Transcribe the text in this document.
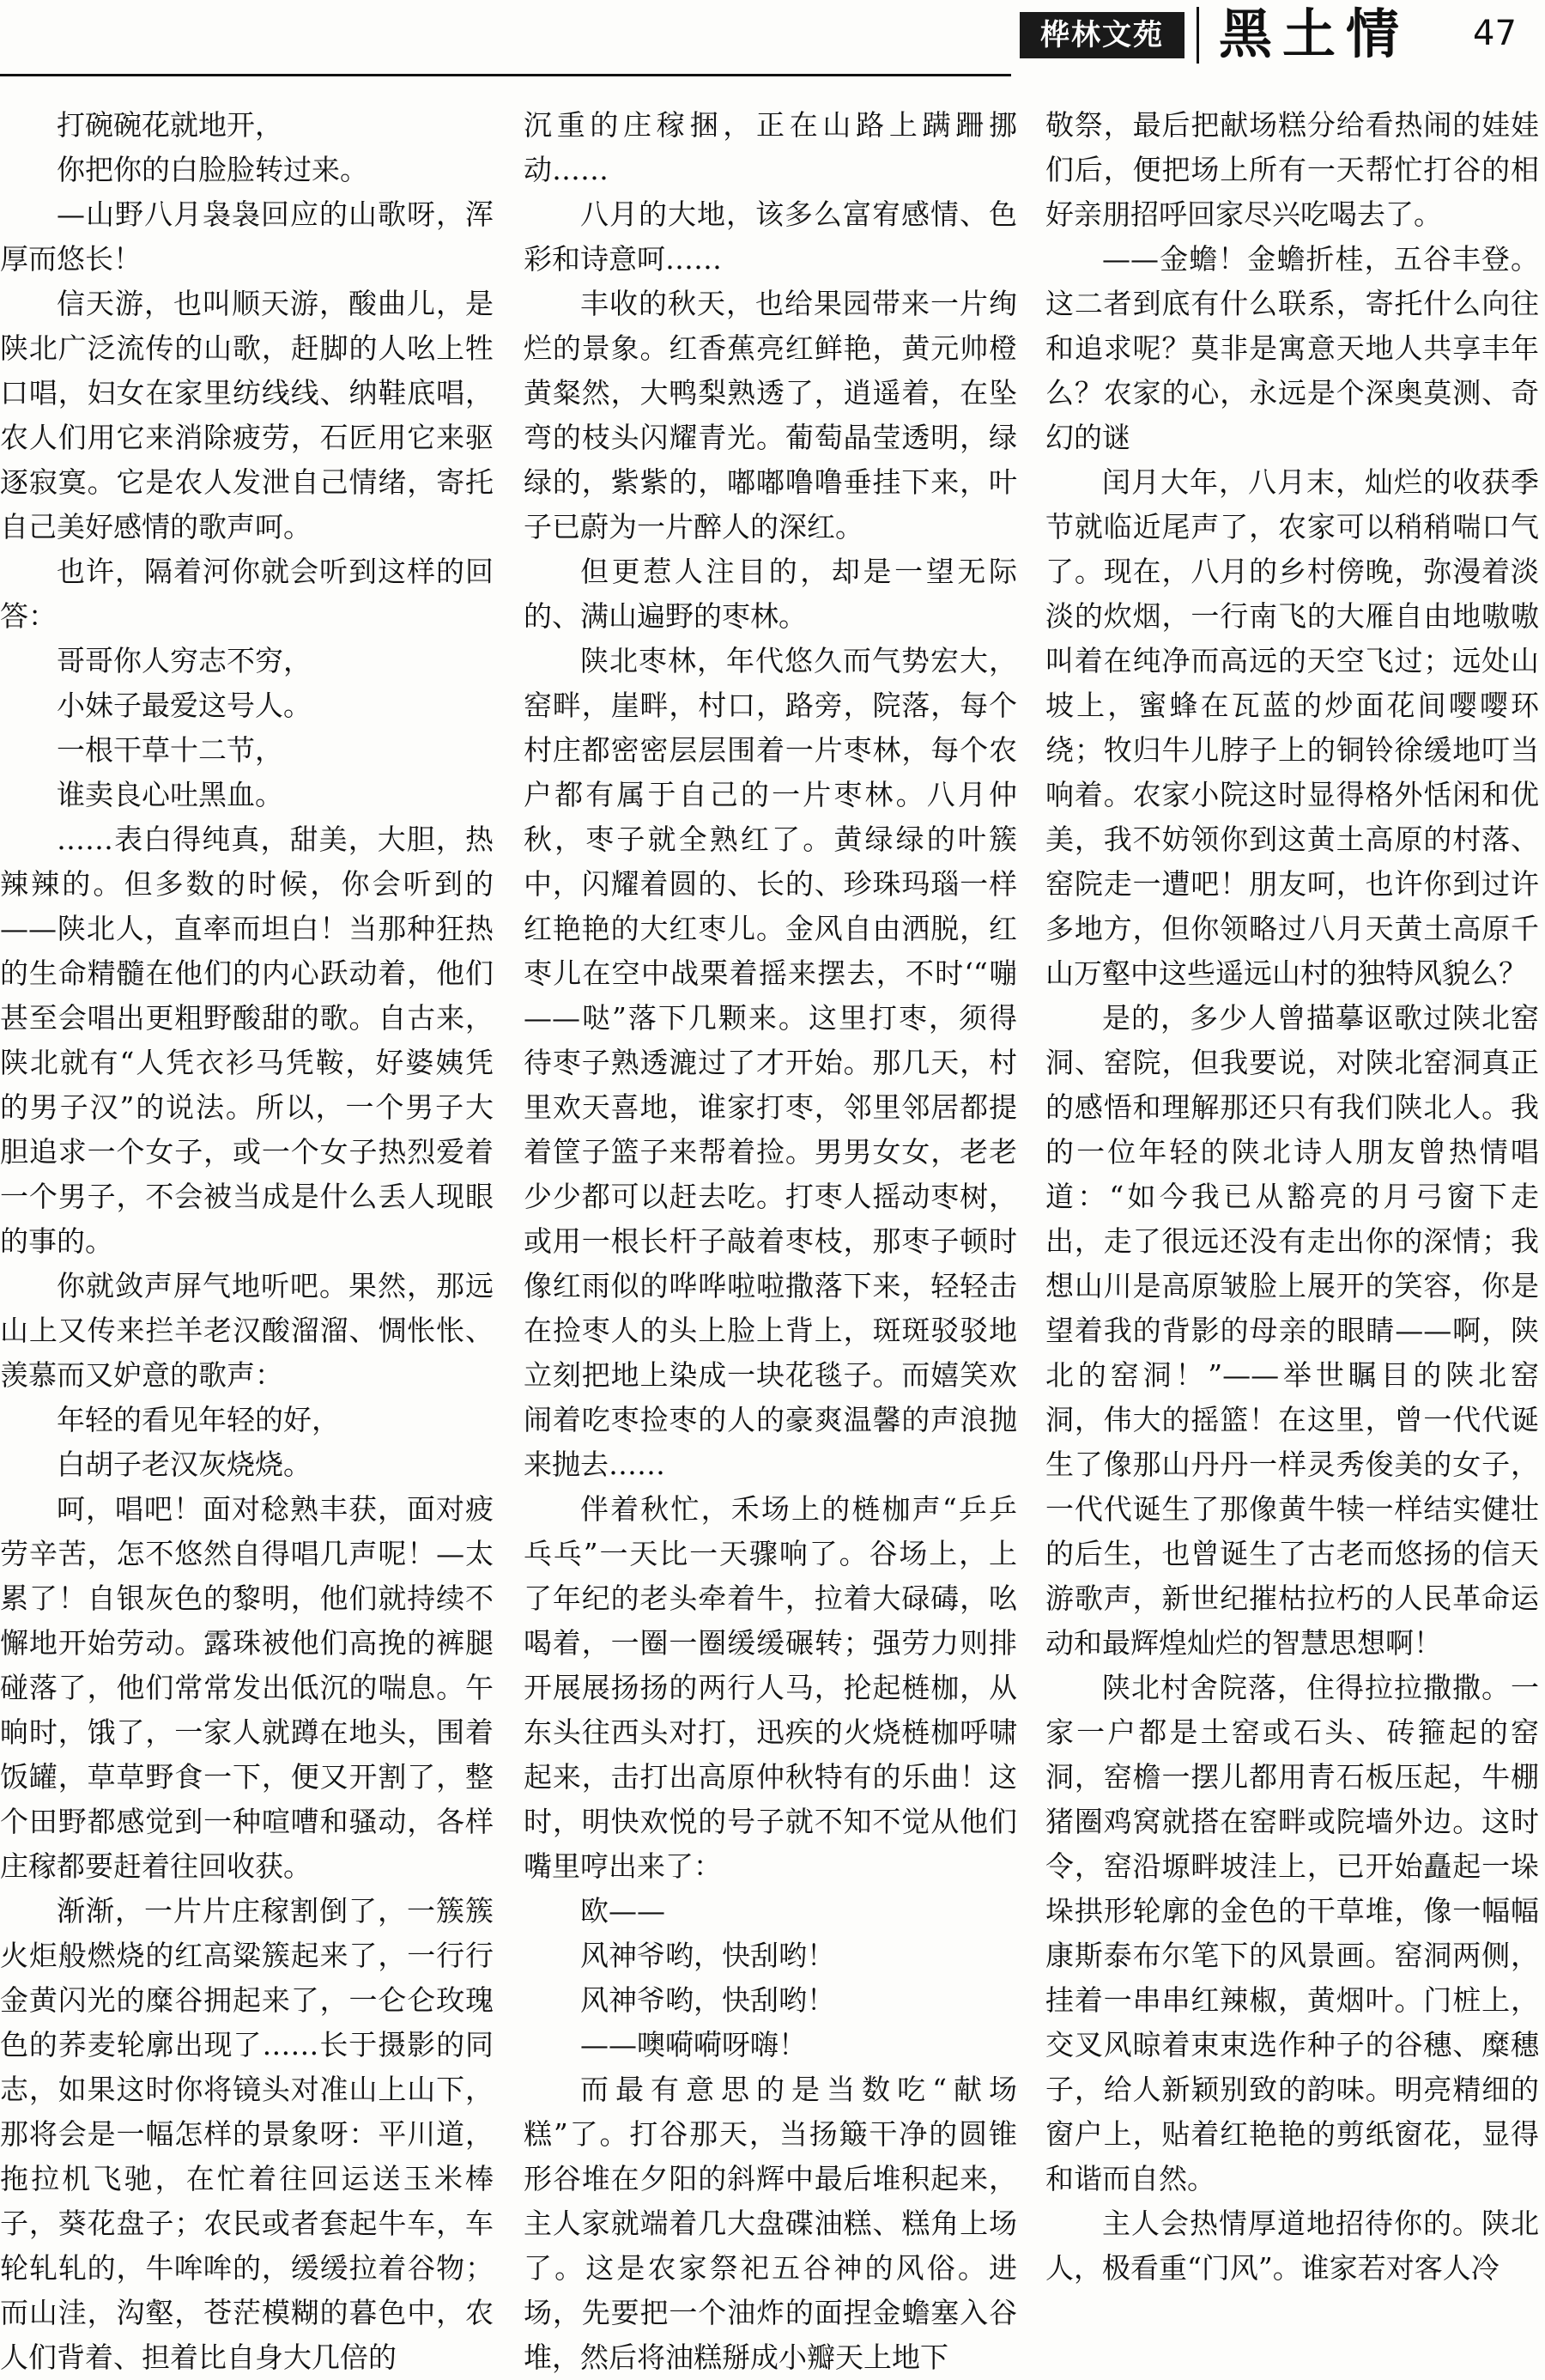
桦林文苑	黑土情 47

打碗碗花就地开，

你把你的白脸脸转过来。

—山野八月袅袅回应的山歌呀，浑厚而悠长！

信天游，也叫顺天游，酸曲儿，是陕北广泛流传的山歌，赶脚的人吆上牲口唱，妇女在家里纺线线、纳鞋底唱，农人们用它来消除疲劳，石匠用它来驱逐寂寞。它是农人发泄自己情绪，寄托自己美好感情的歌声呵。

也许，隔着河你就会听到这样的回答：

哥哥你人穷志不穷，

小妹子最爱这号人。

一根干草十二节，

谁卖良心吐黑血。

……表白得纯真，甜美，大胆，热辣辣的。但多数的时候，你会听到的——陕北人，直率而坦白！当那种狂热的生命精髓在他们的内心跃动着，他们甚至会唱出更粗野酸甜的歌。自古来，陕北就有“人凭衣衫马凭鞍，好婆姨凭的男子汉”的说法。所以，一个男子大胆追求一个女子，或一个女子热烈爱着一个男子，不会被当成是什么丢人现眼的事的。

你就敛声屏气地听吧。果然，那远山上又传来拦羊老汉酸溜溜、惆怅怅、羡慕而又妒意的歌声：

年轻的看见年轻的好，

白胡子老汉灰烧烧。

呵，唱吧！面对稔熟丰获，面对疲劳辛苦，怎不悠然自得唱几声呢！—太累了！自银灰色的黎明，他们就持续不懈地开始劳动。露珠被他们高挽的裤腿碰落了，他们常常发出低沉的喘息。午晌时，饿了，一家人就蹲在地头，围着饭罐，草草野食一下，便又开割了，整个田野都感觉到一种喧嘈和骚动，各样庄稼都要赶着往回收获。

渐渐，一片片庄稼割倒了，一簇簇火炬般燃烧的红高粱簇起来了，一行行金黄闪光的糜谷拥起来了，一仑仑玫瑰色的荞麦轮廓出现了……长于摄影的同志，如果这时你将镜头对准山上山下，那将会是一幅怎样的景象呀：平川道，拖拉机飞驰，在忙着往回运送玉米棒子，葵花盘子；农民或者套起牛车，车轮轧轧的，牛哞哞的，缓缓拉着谷物；而山洼，沟壑，苍茫模糊的暮色中，农人们背着、担着比自身大几倍的

沉重的庄稼捆，正在山路上蹒跚挪动……

八月的大地，该多么富宥感情、色彩和诗意呵……

丰收的秋天，也给果园带来一片绚烂的景象。红香蕉亮红鲜艳，黄元帅橙黄粲然，大鸭梨熟透了，逍遥着，在坠弯的枝头闪耀青光。葡萄晶莹透明，绿绿的，紫紫的，嘟嘟噜噜垂挂下来，叶子已蔚为一片醉人的深红。

但更惹人注目的，却是一望无际的、满山遍野的枣林。

陕北枣林，年代悠久而气势宏大，窑畔，崖畔，村口，路旁，院落，每个村庄都密密层层围着一片枣林，每个农户都有属于自己的一片枣林。八月仲秋，枣子就全熟红了。黄绿绿的叶簇中，闪耀着圆的、长的、珍珠玛瑙一样红艳艳的大红枣儿。金风自由洒脱，红枣儿在空中战栗着摇来摆去，不时‘“嘣——哒”落下几颗来。这里打枣，须得待枣子熟透漉过了才开始。那几天，村里欢天喜地，谁家打枣，邻里邻居都提着筐子篮子来帮着捡。男男女女，老老少少都可以赶去吃。打枣人摇动枣树，或用一根长杆子敲着枣枝，那枣子顿时像红雨似的哗哗啦啦撒落下来，轻轻击在捡枣人的头上脸上背上，斑斑驳驳地立刻把地上染成一块花毯子。而嬉笑欢闹着吃枣捡枣的人的豪爽温馨的声浪抛来抛去……

伴着秋忙，禾场上的梿枷声“乒乒乓乓”一天比一天骤响了。谷场上，上了年纪的老头牵着牛，拉着大碌碡，吆喝着，一圈一圈缓缓碾转；强劳力则排开展展扬扬的两行人马，抡起梿枷，从东头往西头对打，迅疾的火烧梿枷呼啸起来，击打出高原仲秋特有的乐曲！这时，明快欢悦的号子就不知不觉从他们嘴里哼出来了：

欧——

风神爷哟，快刮哟！

风神爷哟，快刮哟！

——噢嗬嗬呀嗨！

而最有意思的是当数吃“献场糕”了。打谷那天，当扬簸干净的圆锥形谷堆在夕阳的斜辉中最后堆积起来，主人家就端着几大盘碟油糕、糕角上场了。这是农家祭祀五谷神的风俗。进场，先要把一个油炸的面捏金蟾塞入谷堆，然后将油糕掰成小瓣天上地下

敬祭，最后把献场糕分给看热闹的娃娃们后，便把场上所有一天帮忙打谷的相好亲朋招呼回家尽兴吃喝去了。

——金蟾！金蟾折桂，五谷丰登。这二者到底有什么联系，寄托什么向往和追求呢？莫非是寓意天地人共享丰年么？农家的心，永远是个深奥莫测、奇幻的谜

闰月大年，八月末，灿烂的收获季节就临近尾声了，农家可以稍稍喘口气了。现在，八月的乡村傍晚，弥漫着淡淡的炊烟，一行南飞的大雁自由地嗷嗷叫着在纯净而高远的天空飞过；远处山坡上，蜜蜂在瓦蓝的炒面花间嘤嘤环绕；牧归牛儿脖子上的铜铃徐缓地叮当响着。农家小院这时显得格外恬闲和优美，我不妨领你到这黄土高原的村落、窑院走一遭吧！朋友呵，也许你到过许多地方，但你领略过八月天黄土高原千山万壑中这些遥远山村的独特风貌么？

是的，多少人曾描摹讴歌过陕北窑洞、窑院，但我要说，对陕北窑洞真正的感悟和理解那还只有我们陕北人。我的一位年轻的陕北诗人朋友曾热情唱道：“如今我已从豁亮的月弓窗下走出，走了很远还没有走出你的深情；我想山川是高原皱脸上展开的笑容，你是望着我的背影的母亲的眼睛——啊，陕北的窑洞！”——举世瞩目的陕北窑洞，伟大的摇篮！在这里，曾一代代诞生了像那山丹丹一样灵秀俊美的女子，一代代诞生了那像黄牛犊一样结实健壮的后生，也曾诞生了古老而悠扬的信天游歌声，新世纪摧枯拉朽的人民革命运动和最辉煌灿烂的智慧思想啊！

陕北村舍院落，住得拉拉撒撒。一家一户都是土窑或石头、砖箍起的窑洞，窑檐一摆儿都用青石板压起，牛棚猪圈鸡窝就搭在窑畔或院墙外边。这时令，窑沿塬畔坡洼上，已开始矗起一垛垛拱形轮廓的金色的干草堆，像一幅幅康斯泰布尔笔下的风景画。窑洞两侧，挂着一串串红辣椒，黄烟叶。门桩上，交叉风晾着束束选作种子的谷穗、糜穗子，给人新颖别致的韵味。明亮精细的窗户上，贴着红艳艳的剪纸窗花，显得和谐而自然。

主人会热情厚道地招待你的。陕北人，极看重“门风”。谁家若对客人冷
